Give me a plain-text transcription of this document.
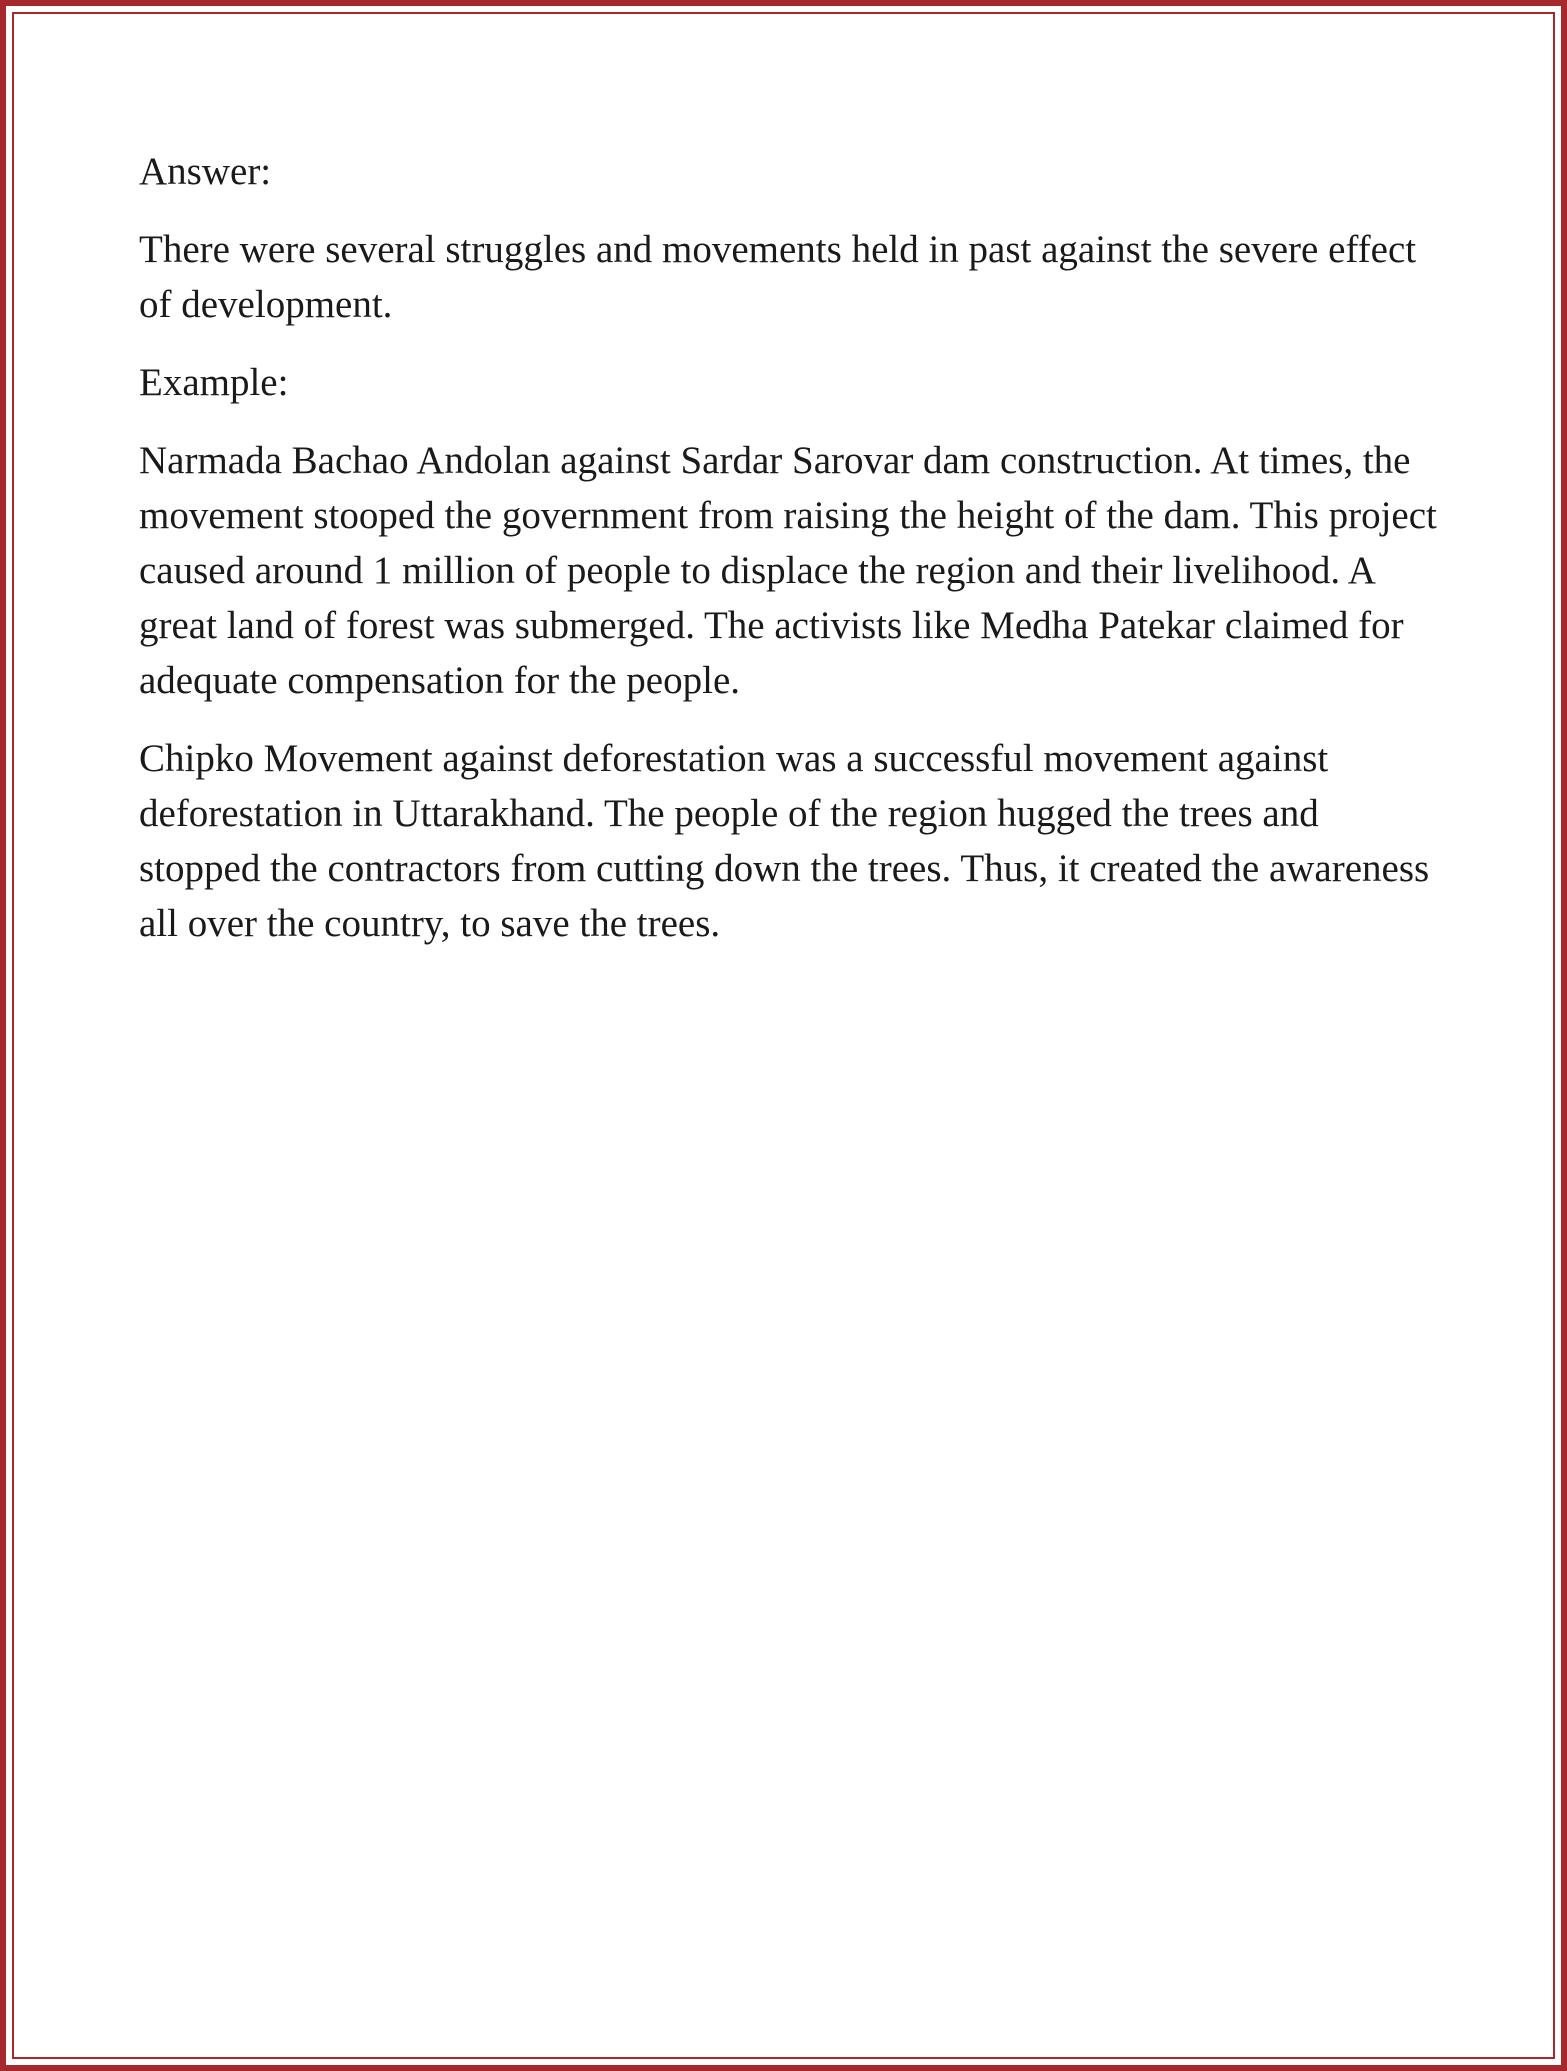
Answer:

There were several struggles and movements held in past against the severe effect of development.

Example:

Narmada Bachao Andolan against Sardar Sarovar dam construction. At times, the movement stooped the government from raising the height of the dam. This project caused around 1 million of people to displace the region and their livelihood. A great land of forest was submerged. The activists like Medha Patekar claimed for adequate compensation for the people.

Chipko Movement against deforestation was a successful movement against deforestation in Uttarakhand. The people of the region hugged the trees and stopped the contractors from cutting down the trees. Thus, it created the awareness all over the country, to save the trees.
